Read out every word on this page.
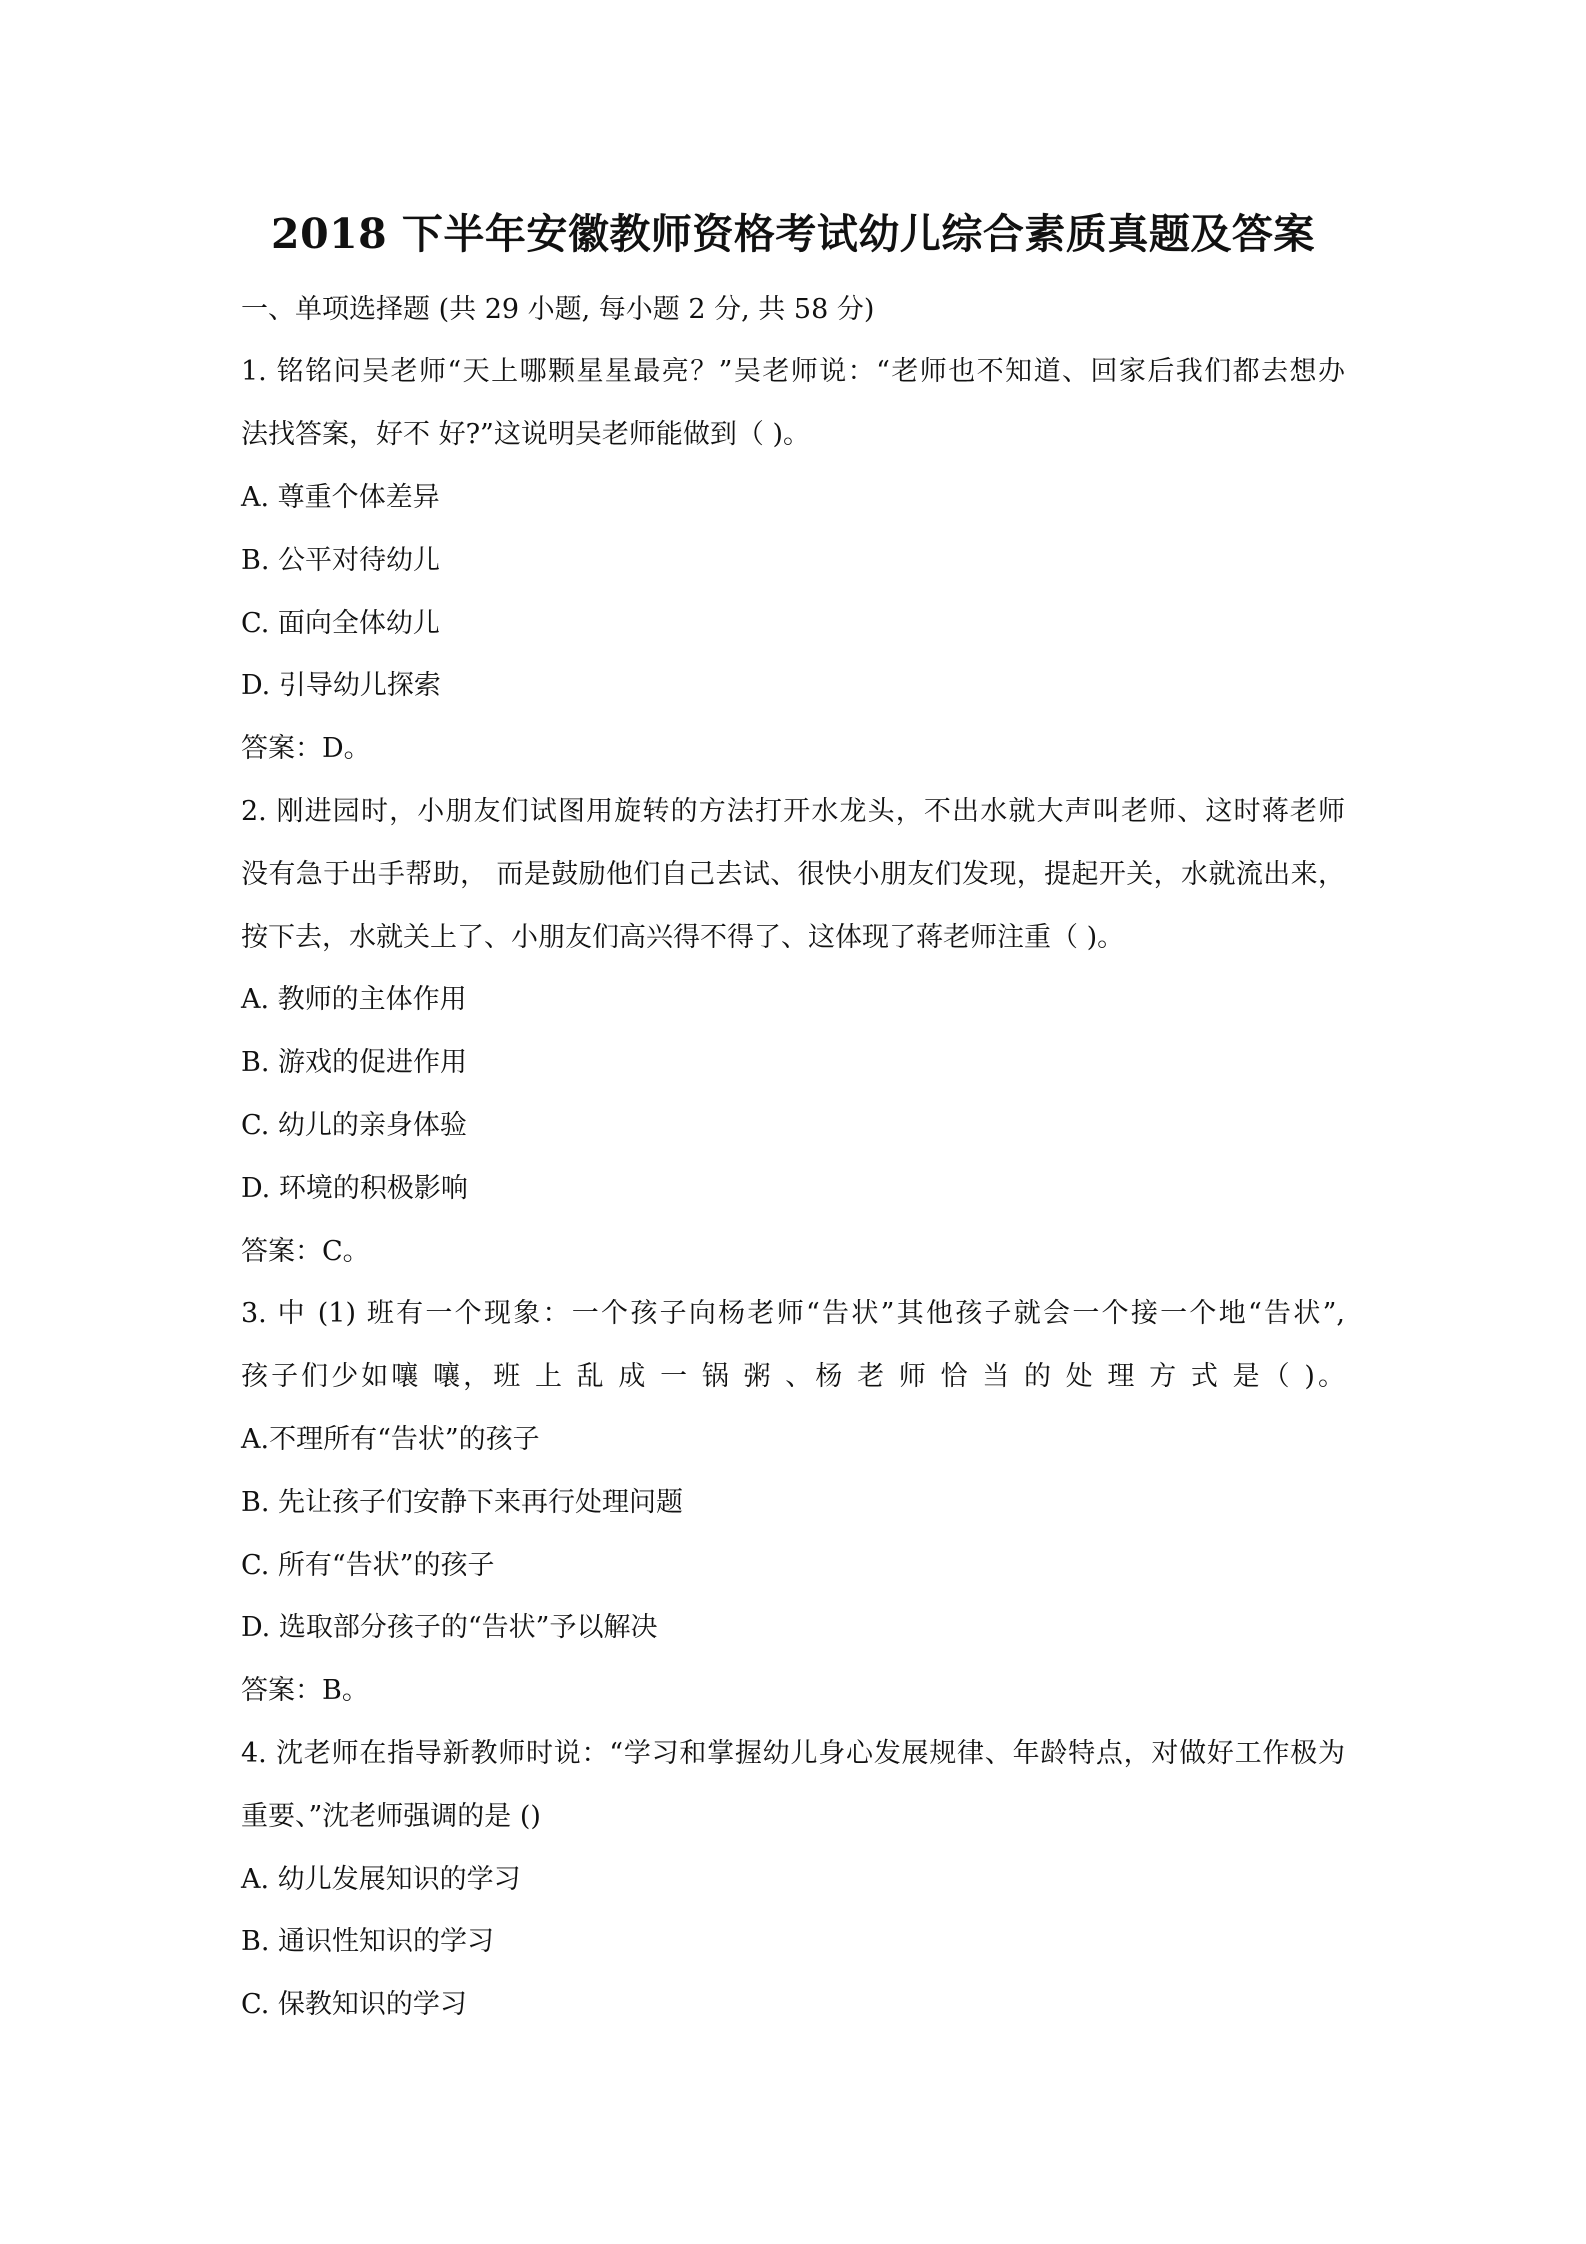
2018 下半年安徽教师资格考试幼儿综合素质真题及答案
一、单项选择题 (共 29 小题, 每小题 2 分, 共 58 分)
1. 铭铭问吴老师“天上哪颗星星最亮？”吴老师说：“老师也不知道、回家后我们都去想办
法找答案，好不 好?”这说明吴老师能做到（ )。
A. 尊重个体差异
B. 公平对待幼儿
C. 面向全体幼儿
D. 引导幼儿探索
答案：D。
2. 刚进园时，小朋友们试图用旋转的方法打开水龙头，不出水就大声叫老师、这时蒋老师
没有急于出手帮助， 而是鼓励他们自己去试、很快小朋友们发现，提起开关，水就流出来，
按下去，水就关上了、小朋友们高兴得不得了、这体现了蒋老师注重（ )。
A. 教师的主体作用
B. 游戏的促进作用
C. 幼儿的亲身体验
D. 环境的积极影响
答案：C。
3. 中 (1) 班有一个现象：一个孩子向杨老师“告状”其他孩子就会一个接一个地“告状”,
孩子们少如嚷 嚷，班 上 乱 成 一 锅 粥 、杨 老 师 恰 当 的 处 理 方 式 是（ )。
A.不理所有“告状”的孩子
B. 先让孩子们安静下来再行处理问题
C. 所有“告状”的孩子
D. 选取部分孩子的“告状”予以解决
答案：B。
4. 沈老师在指导新教师时说：“学习和掌握幼儿身心发展规律、年龄特点，对做好工作极为
重要、”沈老师强调的是 ()
A. 幼儿发展知识的学习
B. 通识性知识的学习
C. 保教知识的学习
